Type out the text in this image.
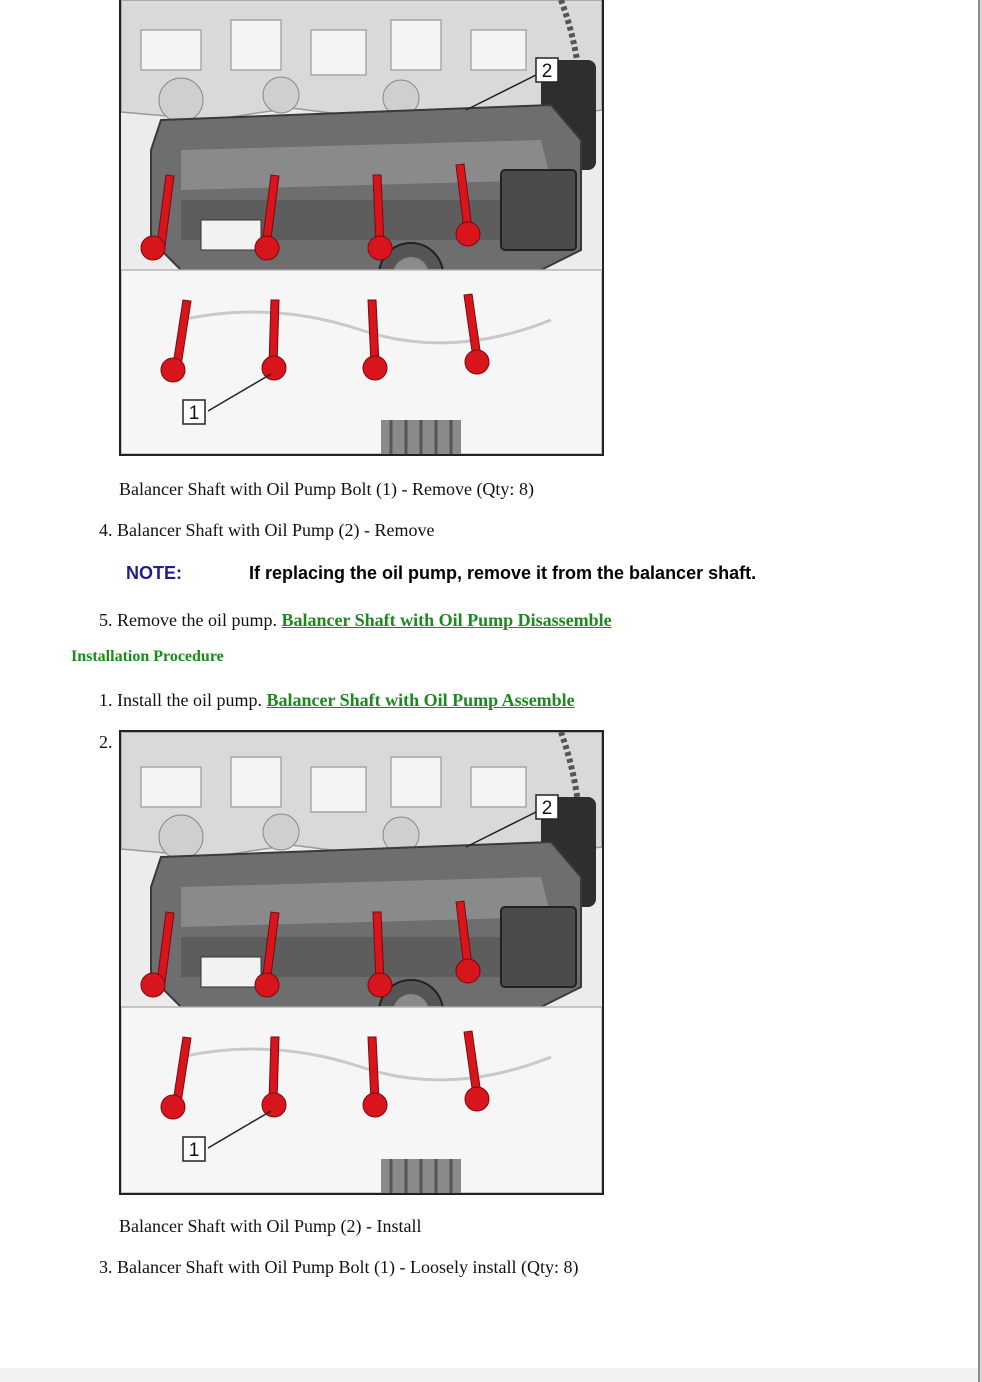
1
2
Balancer Shaft with Oil Pump Bolt (1) - Remove (Qty: 8)
4. Balancer Shaft with Oil Pump (2) - Remove
NOTE:	If replacing the oil pump, remove it from the balancer shaft.
5. Remove the oil pump. Balancer Shaft with Oil Pump Disassemble
Installation Procedure
1. Install the oil pump. Balancer Shaft with Oil Pump Assemble
2.
1
2
Balancer Shaft with Oil Pump (2) - Install
3. Balancer Shaft with Oil Pump Bolt (1) - Loosely install (Qty: 8)
